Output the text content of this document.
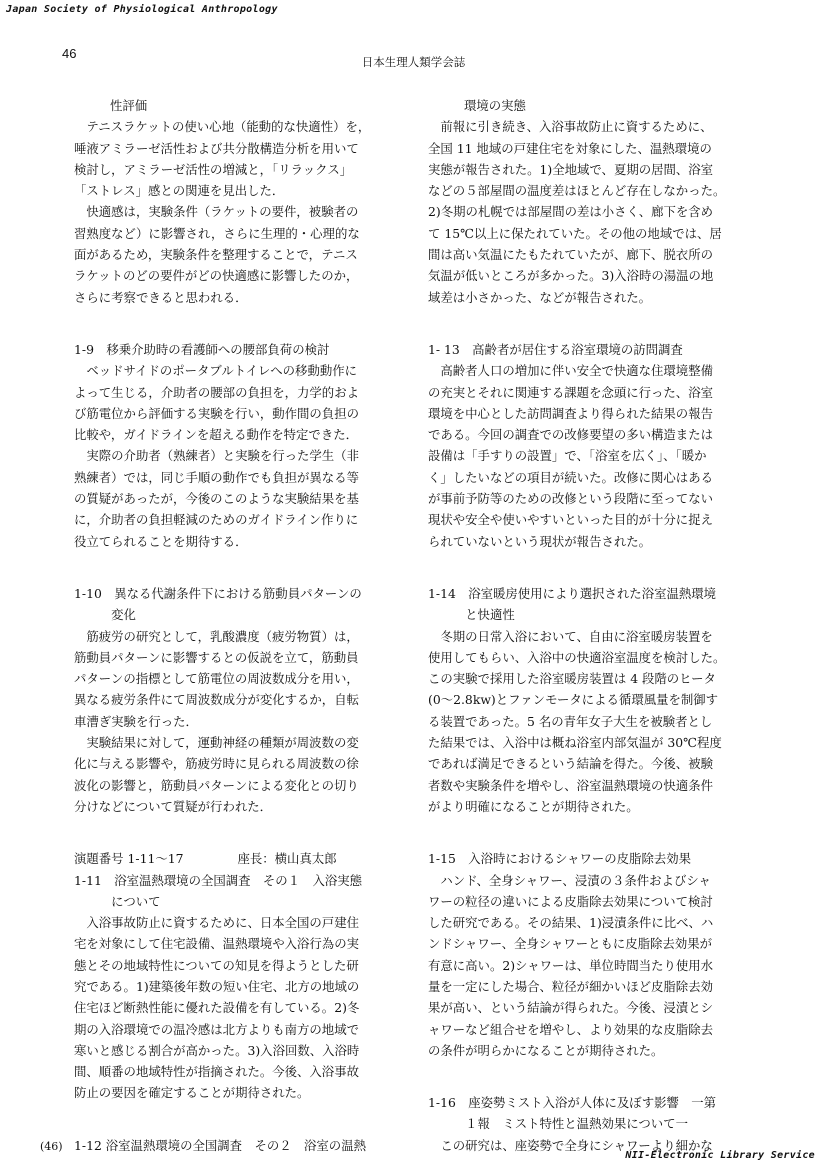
Japan Society of Physiological Anthropology
46
日本生理人類学会誌
性評価
　テニスラケットの使い心地（能動的な快適性）を，
唾液アミラーゼ活性および共分散構造分析を用いて
検討し，アミラーゼ活性の増減と，「リラックス」
「ストレス」感との関連を見出した．
　快適感は，実験条件（ラケットの要件，被験者の
習熟度など）に影響され，さらに生理的・心理的な
面があるため，実験条件を整理することで，テニス
ラケットのどの要件がどの快適感に影響したのか，
さらに考察できると思われる．
1-9　移乗介助時の看護師への腰部負荷の検討
　ベッドサイドのポータブルトイレへの移動動作に
よって生じる，介助者の腰部の負担を，力学的およ
び筋電位から評価する実験を行い，動作間の負担の
比較や，ガイドラインを超える動作を特定できた．
　実際の介助者（熟練者）と実験を行った学生（非
熟練者）では，同じ手順の動作でも負担が異なる等
の質疑があったが，今後のこのような実験結果を基
に，介助者の負担軽減のためのガイドライン作りに
役立てられることを期待する．
1-10　異なる代謝条件下における筋動員パターンの
　　　変化
　筋疲労の研究として，乳酸濃度（疲労物質）は，
筋動員パターンに影響するとの仮説を立て，筋動員
パターンの指標として筋電位の周波数成分を用い，
異なる疲労条件にて周波数成分が変化するか，自転
車漕ぎ実験を行った．
　実験結果に対して，運動神経の種類が周波数の変
化に与える影響や，筋疲労時に見られる周波数の徐
波化の影響と，筋動員パターンによる変化との切り
分けなどについて質疑が行われた．
演題番号 1-11～17	座長：横山真太郎
1-11　浴室温熱環境の全国調査　その１　入浴実態
　　　について
　入浴事故防止に資するために、日本全国の戸建住
宅を対象にして住宅設備、温熱環境や入浴行為の実
態とその地域特性についての知見を得ようとした研
究である。1)建築後年数の短い住宅、北方の地域の
住宅ほど断熱性能に優れた設備を有している。2)冬
期の入浴環境での温冷感は北方よりも南方の地域で
寒いと感じる割合が高かった。3)入浴回数、入浴時
間、順番の地域特性が指摘された。今後、入浴事故
防止の要因を確定することが期待された。
1-12 浴室温熱環境の全国調査　その２　浴室の温熱
環境の実態
　前報に引き続き、入浴事故防止に資するために、
全国 11 地域の戸建住宅を対象にした、温熱環境の
実態が報告された。1)全地域で、夏期の居間、浴室
などの５部屋間の温度差はほとんど存在しなかった。
2)冬期の札幌では部屋間の差は小さく、廊下を含め
て 15℃以上に保たれていた。その他の地域では、居
間は高い気温にたもたれていたが、廊下、脱衣所の
気温が低いところが多かった。3)入浴時の湯温の地
域差は小さかった、などが報告された。
1- 13　高齢者が居住する浴室環境の訪問調査
　高齢者人口の増加に伴い安全で快適な住環境整備
の充実とそれに関連する課題を念頭に行った、浴室
環境を中心とした訪問調査より得られた結果の報告
である。今回の調査での改修要望の多い構造または
設備は「手すりの設置」で、「浴室を広く」、「暖か
く」したいなどの項目が続いた。改修に関心はある
が事前予防等のための改修という段階に至ってない
現状や安全や使いやすいといった目的が十分に捉え
られていないという現状が報告された。
1-14　浴室暖房使用により選択された浴室温熱環境
　　　と快適性
　冬期の日常入浴において、自由に浴室暖房装置を
使用してもらい、入浴中の快適浴室温度を検討した。
この実験で採用した浴室暖房装置は 4 段階のヒータ
(0～2.8kw)とファンモータによる循環風量を制御す
る装置であった。5 名の青年女子大生を被験者とし
た結果では、入浴中は概ね浴室内部気温が 30℃程度
であれば満足できるという結論を得た。今後、被験
者数や実験条件を増やし、浴室温熱環境の快適条件
がより明確になることが期待された。
1-15　入浴時におけるシャワーの皮脂除去効果
　ハンド、全身シャワー、浸漬の３条件およびシャ
ワーの粒径の違いによる皮脂除去効果について検討
した研究である。その結果、1)浸漬条件に比べ、ハ
ンドシャワー、全身シャワーともに皮脂除去効果が
有意に高い。2)シャワーは、単位時間当たり使用水
量を一定にした場合、粒径が細かいほど皮脂除去効
果が高い、という結論が得られた。今後、浸漬とシ
ャワーなど組合せを増やし、より効果的な皮脂除去
の条件が明らかになることが期待された。
1-16　座姿勢ミスト入浴が人体に及ぼす影響　一第
　　　１報　ミスト特性と温熱効果について一
　この研究は、座姿勢で全身にシャワーより細かな
(46)
NII-Electronic Library Service
